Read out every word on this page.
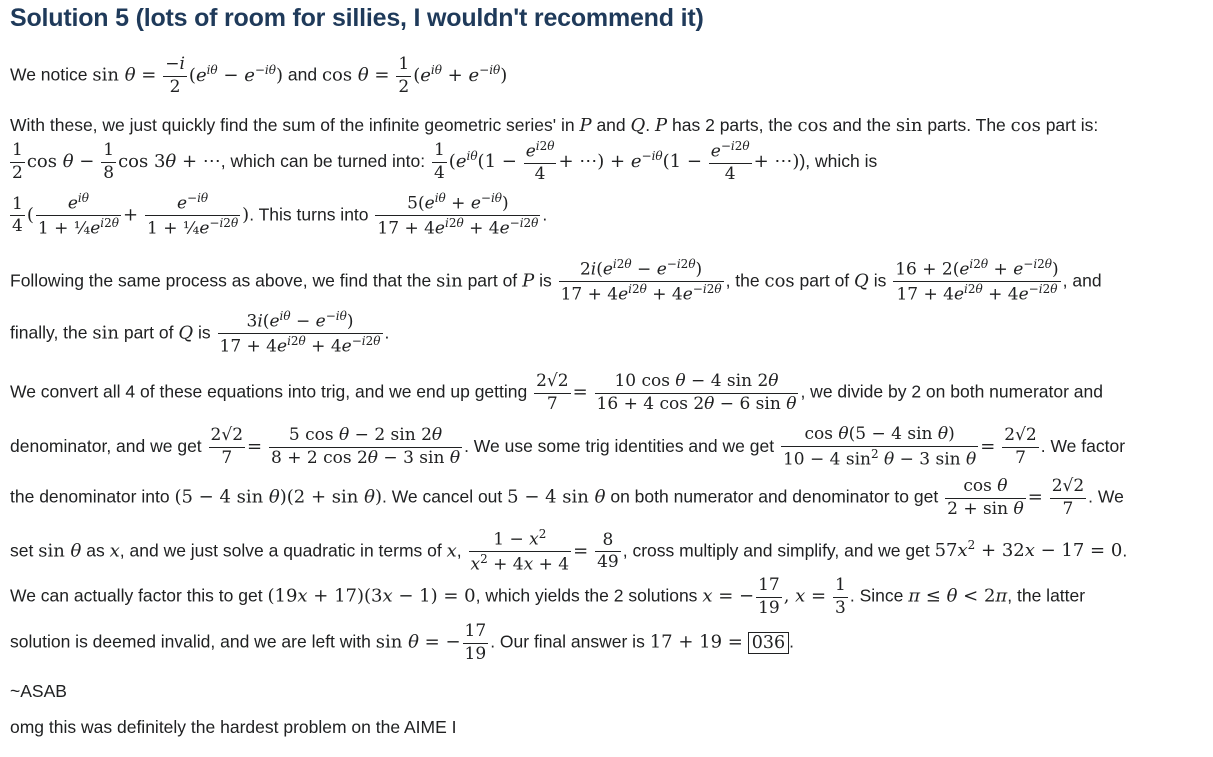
Solution 5 (lots of room for sillies, I wouldn't recommend it)
We notice $\sin \theta = \frac{-i}{2} (e^{i\theta} - e^{-i\theta})$ and $\cos \theta = \frac{1}{2} (e^{i\theta} + e^{-i\theta})$
With these, we just quickly find the sum of the infinite geometric series' in P and Q. P has 2 parts, the cos and the sin parts. The cos part is:
$\frac{1}{2}$ $\cos \theta - \frac{1}{8}$ cos 3θ + ⋯, which can be turned into: $\frac{1}{4} (e^{i\theta}(1 - \frac{e^{i2\theta}}{4}$ + ⋯) + $e^{-i\theta}(1 - \frac{e^{-i2\theta}}{4}$ + ⋯)), which is
$\frac{1}{4}$ ( $\frac{e^{i\theta}}{1 + \frac{1}{4}e^{i2\theta}} + \frac{e^{-i\theta}}{1 + \frac{1}{4}e^{-i2\theta}}$ ). This turns into $\frac{5(e^{i\theta} + e^{-i\theta})}{17 + 4e^{i2\theta} + 4e^{-i2\theta}}$ .
Following the same process as above, we find that the sin part of P is $\frac{2i(e^{i2\theta} - e^{-i2\theta})}{17 + 4e^{i2\theta} + 4e^{-i2\theta}}$ , the cos part of Q is $\frac{16 + 2(e^{i2\theta} + e^{-i2\theta})}{17 + 4e^{i2\theta} + 4e^{-i2\theta}}$ , and
finally, the sin part of Q is $\frac{3i(e^{i\theta} - e^{-i\theta})}{17 + 4e^{i2\theta} + 4e^{-i2\theta}}$ .
We convert all 4 of these equations into trig, and we end up getting $\frac{2√2}{7} = \frac{\text{10 cos θ − 4 sin 2θ}}{\text{16 + 4 cos 2θ − 6 sin θ}}$ , we divide by 2 on both numerator and
denominator, and we get $\frac{2√2}{7} = \frac{\text{5 cos θ − 2 sin 2θ}}{\text{8 + 2 cos 2θ − 3 sin θ}}$ . We use some trig identities and we get $\frac{\text{cos θ(5 − 4 sin θ)}}{10 - 4 \sin^2 \theta - 3 \sin \theta} = \frac{2√2}{7}$ . We factor
the denominator into (5 − 4 sin θ)(2 + sin θ). We cancel out 5 − 4 sin θ on both numerator and denominator to get $\frac{\text{cos θ}}{\text{2 + sin θ}} = \frac{2√2}{7}$ . We
set sin θ as x, and we just solve a quadratic in terms of x, $\frac{1 - x^2}{x^2 + 4x + 4} = \frac{8}{49}$ , cross multiply and simplify, and we get $57x^2 + 32x - 17 = 0$.
We can actually factor this to get (19x + 17)(3x − 1) = 0, which yields the 2 solutions x = − $\frac{17}{19}$ , $x = \frac{1}{3}$ . Since π ≤ θ < 2π, the latter
solution is deemed invalid, and we are left with sin θ = − $\frac{17}{19}$ . Our final answer is 17 + 19 = 036 .
~ASAB
omg this was definitely the hardest problem on the AIME I
